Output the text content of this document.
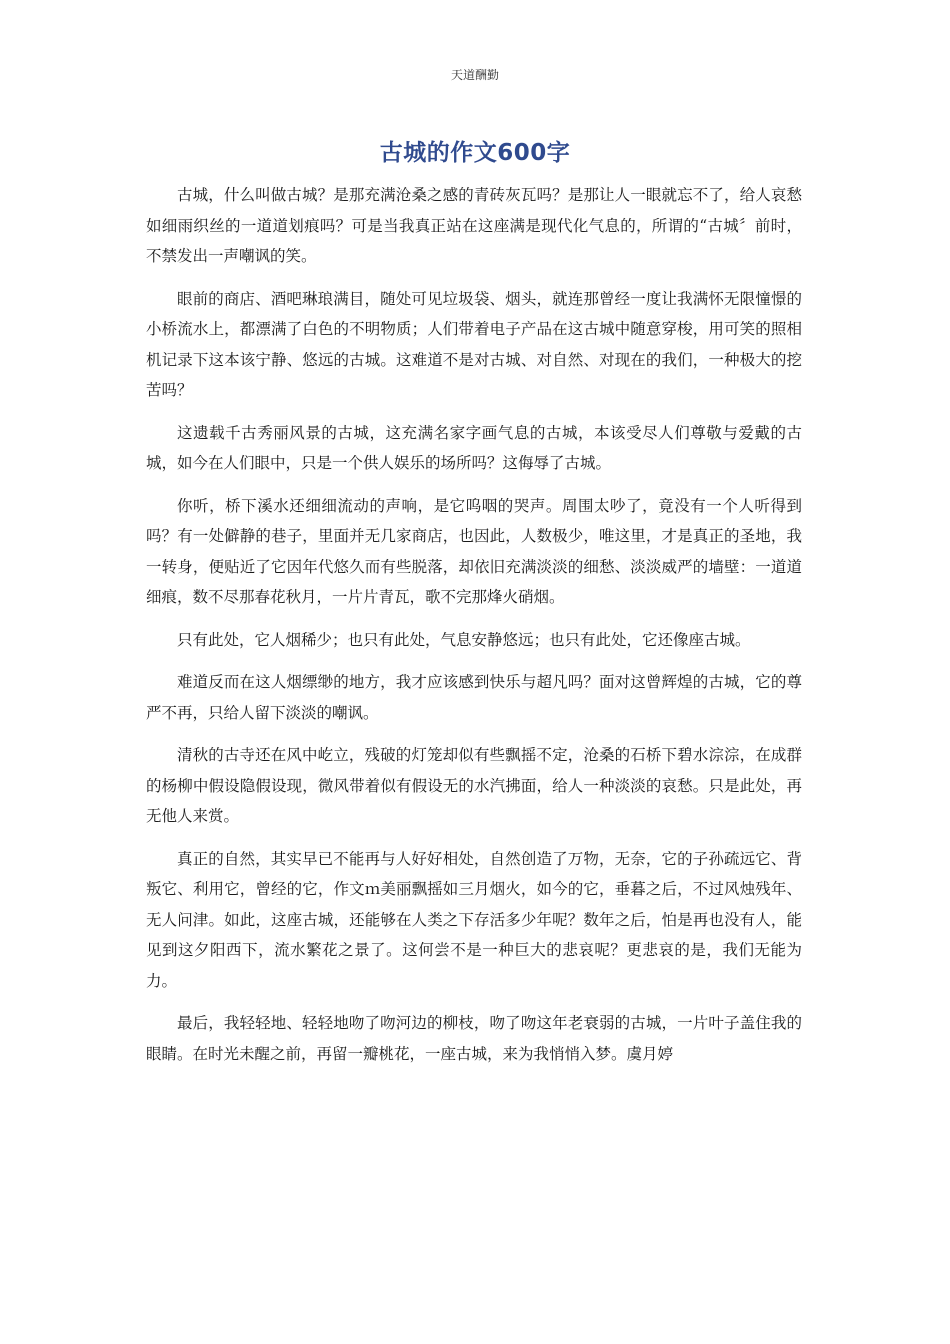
天道酬勤
古城的作文600字

古城，什么叫做古城？是那充满沧桑之感的青砖灰瓦吗？是那让人一眼就忘不了，给人哀愁如细雨织丝的一道道划痕吗？可是当我真正站在这座满是现代化气息的，所谓的“古城〞前时，不禁发出一声嘲讽的笑。

眼前的商店、酒吧琳琅满目，随处可见垃圾袋、烟头，就连那曾经一度让我满怀无限憧憬的小桥流水上，都漂满了白色的不明物质；人们带着电子产品在这古城中随意穿梭，用可笑的照相机记录下这本该宁静、悠远的古城。这难道不是对古城、对自然、对现在的我们，一种极大的挖苦吗？

这遗载千古秀丽风景的古城，这充满名家字画气息的古城，本该受尽人们尊敬与爱戴的古城，如今在人们眼中，只是一个供人娱乐的场所吗？这侮辱了古城。

你听，桥下溪水还细细流动的声响，是它呜咽的哭声。周围太吵了，竟没有一个人听得到吗？有一处僻静的巷子，里面并无几家商店，也因此，人数极少，唯这里，才是真正的圣地，我一转身，便贴近了它因年代悠久而有些脱落，却依旧充满淡淡的细愁、淡淡威严的墙壁：一道道细痕，数不尽那春花秋月，一片片青瓦，歌不完那烽火硝烟。

只有此处，它人烟稀少；也只有此处，气息安静悠远；也只有此处，它还像座古城。

难道反而在这人烟缥缈的地方，我才应该感到快乐与超凡吗？面对这曾辉煌的古城，它的尊严不再，只给人留下淡淡的嘲讽。

清秋的古寺还在风中屹立，残破的灯笼却似有些飘摇不定，沧桑的石桥下碧水淙淙，在成群的杨柳中假设隐假设现，微风带着似有假设无的水汽拂面，给人一种淡淡的哀愁。只是此处，再无他人来赏。

真正的自然，其实早已不能再与人好好相处，自然创造了万物，无奈，它的子孙疏远它、背叛它、利用它，曾经的它，作文ｍ美丽飘摇如三月烟火，如今的它，垂暮之后，不过风烛残年、无人问津。如此，这座古城，还能够在人类之下存活多少年呢？数年之后，怕是再也没有人，能见到这夕阳西下，流水繁花之景了。这何尝不是一种巨大的悲哀呢？更悲哀的是，我们无能为力。

最后，我轻轻地、轻轻地吻了吻河边的柳枝，吻了吻这年老衰弱的古城，一片叶子盖住我的眼睛。在时光未醒之前，再留一瓣桃花，一座古城，来为我悄悄入梦。虞月婷
